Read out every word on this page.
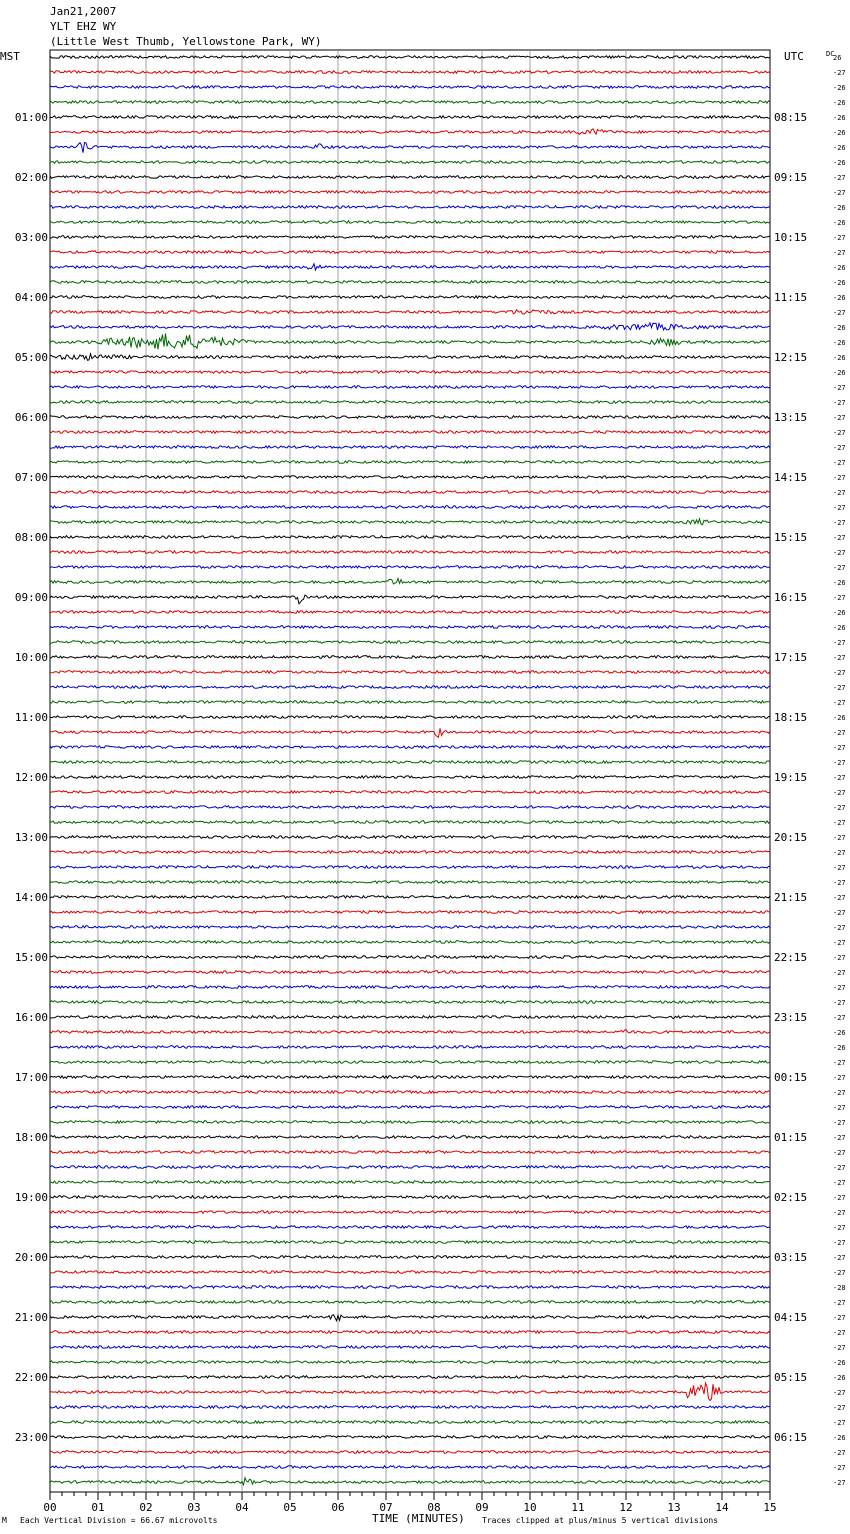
Jan21,2007
YLT EHZ WY
(Little West Thumb, Yellowstone Park, WY)
MST	UTC	DC
00	01	02	03	04	05	06	07	08	09	10	11	12	13	14	15
26
-27
-26
-26
-26
-26
-26
-26
-27
-27
-26
-26
-27
-27
-26
-26
-26
-27
-26
-26
-26
-26
-27
-27
-27
-27
-27
-27
-27
-27
-27
-27
-27
-27
-27
-26
-27
-26
-26
-27
-27
-27
-27
-27
-26
-27
-27
-27
-27
-27
-27
-27
-27
-27
-27
-27
-27
-27
-27
-27
-27
-27
-27
-27
-27
-26
-26
-27
-27
-27
-27
-27
-27
-27
-27
-27
-27
-27
-27
-27
-27
-27
-28
-27
-27
-27
-27
-26
-26
-27
-27
-27
-26
-27
-27
-27
01:00
02:00
03:00
04:00
05:00
06:00
07:00
08:00
09:00
10:00
11:00
12:00
13:00
14:00
15:00
16:00
17:00
18:00
19:00
20:00
21:00
22:00
23:00
08:15
09:15
10:15
11:15
12:15
13:15
14:15
15:15
16:15
17:15
18:15
19:15
20:15
21:15
22:15
23:15
00:15
01:15
02:15
03:15
04:15
05:15
06:15
TIME (MINUTES)
M Each Vertical Division = 66.67 microvolts	Traces clipped at plus/minus 5 vertical divisions
